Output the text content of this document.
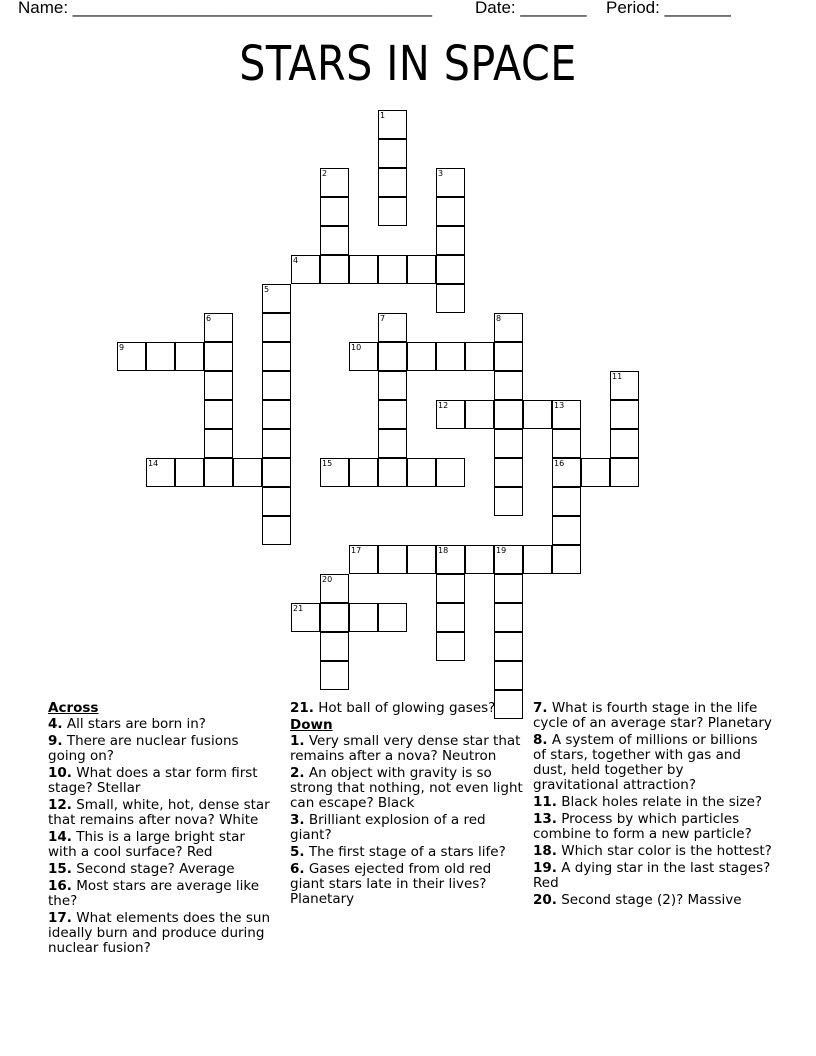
Name: ______________________________________	Date: _______ Period: _______
STARS IN SPACE
1
2	3
4
5
6	7	8
9	10
11
12	13
16
14	15
17	18	19
20
21
Across
4. All stars are born in?
9. There are nuclear fusions going on?
10. What does a star form first stage? Stellar
12. Small, white, hot, dense star that remains after nova? White
14. This is a large bright star with a cool surface? Red
15. Second stage? Average
16. Most stars are average like the?
17. What elements does the sun ideally burn and produce during nuclear fusion?
21. Hot ball of glowing gases?
Down
1. Very small very dense star that remains after a nova? Neutron
2. An object with gravity is so strong that nothing, not even light can escape? Black
3. Brilliant explosion of a red giant?
5. The first stage of a stars life?
6. Gases ejected from old red giant stars late in their lives? Planetary
7. What is fourth stage in the life cycle of an average star? Planetary
8. A system of millions or billions of stars, together with gas and dust, held together by gravitational attraction?
11. Black holes relate in the size?
13. Process by which particles combine to form a new particle?
18. Which star color is the hottest?
19. A dying star in the last stages? Red
20. Second stage (2)? Massive
